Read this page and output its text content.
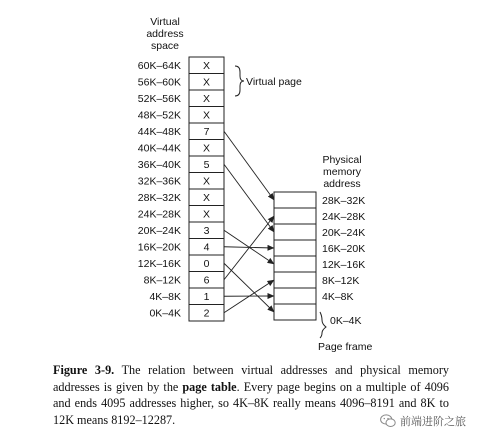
Virtual
address
space
60K–64K
56K–60K
52K–56K
48K–52K
44K–48K
40K–44K
36K–40K
32K–36K
28K–32K
24K–28K
20K–24K
16K–20K
12K–16K
8K–12K
4K–8K
0K–4K
X
X
X
X
7
X
5
X
X
X
3
4
0
6
1
2
Physical
memory
address
28K–32K
24K–28K
20K–24K
16K–20K
12K–16K
8K–12K
4K–8K
Virtual page
0K–4K
Page frame

Figure 3-9. The relation between virtual addresses and physical memory addresses is given by the page table. Every page begins on a multiple of 4096 and ends 4095 addresses higher, so 4K–8K really means 4096–8191 and 8K to 12K means 8192–12287.	前端进阶之旅
